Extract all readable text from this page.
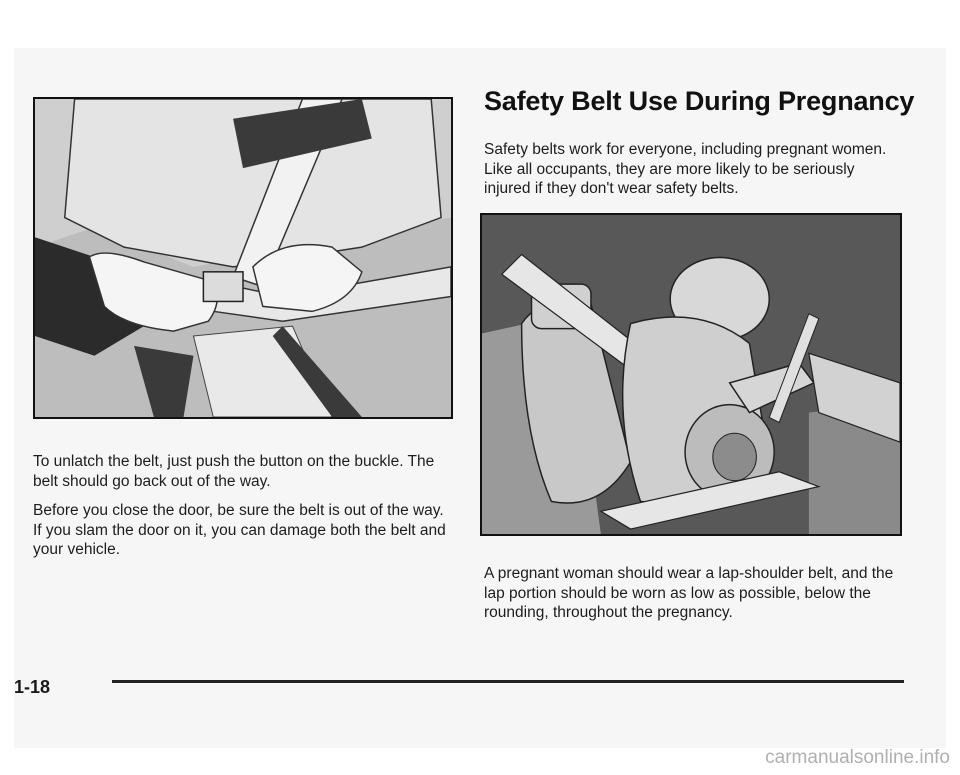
Safety Belt Use During Pregnancy

Safety belts work for everyone, including pregnant women. Like all occupants, they are more likely to be seriously injured if they don't wear safety belts.

To unlatch the belt, just push the button on the buckle. The belt should go back out of the way.

Before you close the door, be sure the belt is out of the way. If you slam the door on it, you can damage both the belt and your vehicle.

A pregnant woman should wear a lap-shoulder belt, and the lap portion should be worn as low as possible, below the rounding, throughout the pregnancy.

1-18
carmanualsonline.info
